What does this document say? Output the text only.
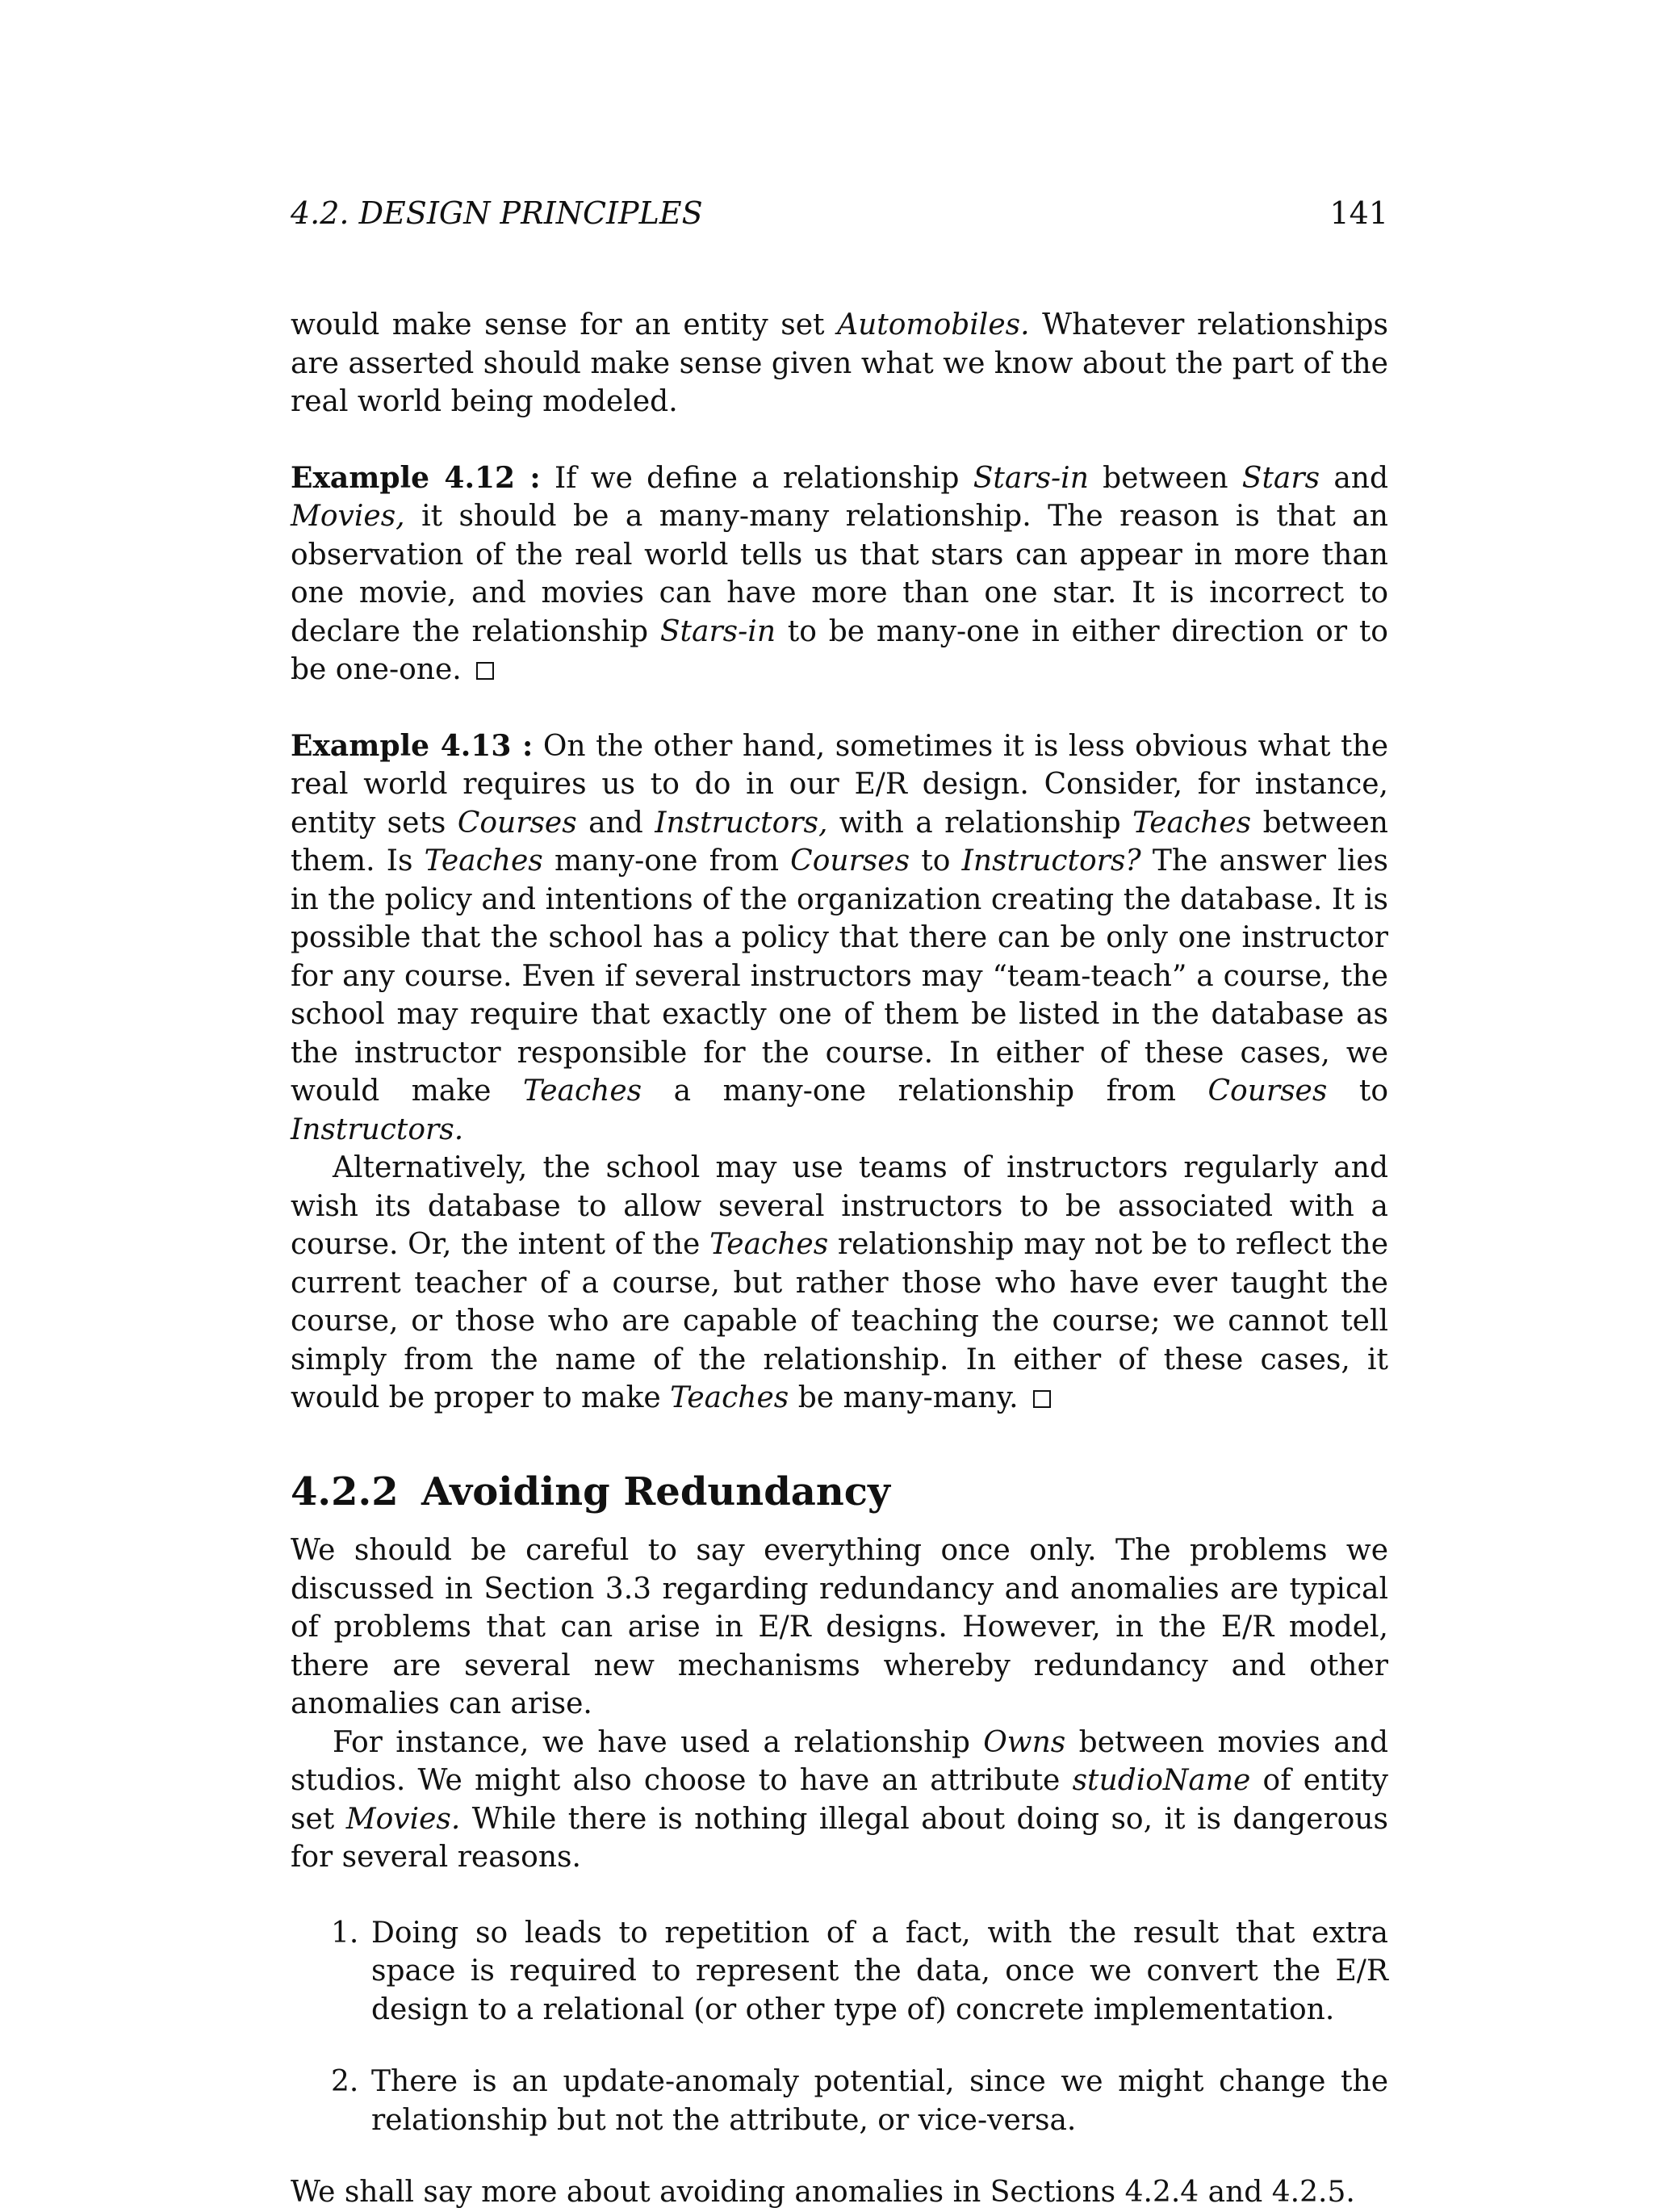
4.2. DESIGN PRINCIPLES	141

would make sense for an entity set Automobiles. Whatever relationships are asserted should make sense given what we know about the part of the real world being modeled.

Example 4.12 : If we define a relationship Stars-in between Stars and Movies, it should be a many-many relationship. The reason is that an observation of the real world tells us that stars can appear in more than one movie, and movies can have more than one star. It is incorrect to declare the relationship Stars-in to be many-one in either direction or to be one-one.

Example 4.13 : On the other hand, sometimes it is less obvious what the real world requires us to do in our E/R design. Consider, for instance, entity sets Courses and Instructors, with a relationship Teaches between them. Is Teaches many-one from Courses to Instructors? The answer lies in the policy and intentions of the organization creating the database. It is possible that the school has a policy that there can be only one instructor for any course. Even if several instructors may “team-teach” a course, the school may require that exactly one of them be listed in the database as the instructor responsible for the course. In either of these cases, we would make Teaches a many-one relationship from Courses to Instructors.

Alternatively, the school may use teams of instructors regularly and wish its database to allow several instructors to be associated with a course. Or, the intent of the Teaches relationship may not be to reflect the current teacher of a course, but rather those who have ever taught the course, or those who are capable of teaching the course; we cannot tell simply from the name of the relationship. In either of these cases, it would be proper to make Teaches be many-many.

4.2.2 Avoiding Redundancy

We should be careful to say everything once only. The problems we discussed in Section 3.3 regarding redundancy and anomalies are typical of problems that can arise in E/R designs. However, in the E/R model, there are several new mechanisms whereby redundancy and other anomalies can arise.

For instance, we have used a relationship Owns between movies and studios. We might also choose to have an attribute studioName of entity set Movies. While there is nothing illegal about doing so, it is dangerous for several reasons.

1. Doing so leads to repetition of a fact, with the result that extra space is required to represent the data, once we convert the E/R design to a relational (or other type of) concrete implementation.

2. There is an update-anomaly potential, since we might change the relationship but not the attribute, or vice-versa.

We shall say more about avoiding anomalies in Sections 4.2.4 and 4.2.5.
